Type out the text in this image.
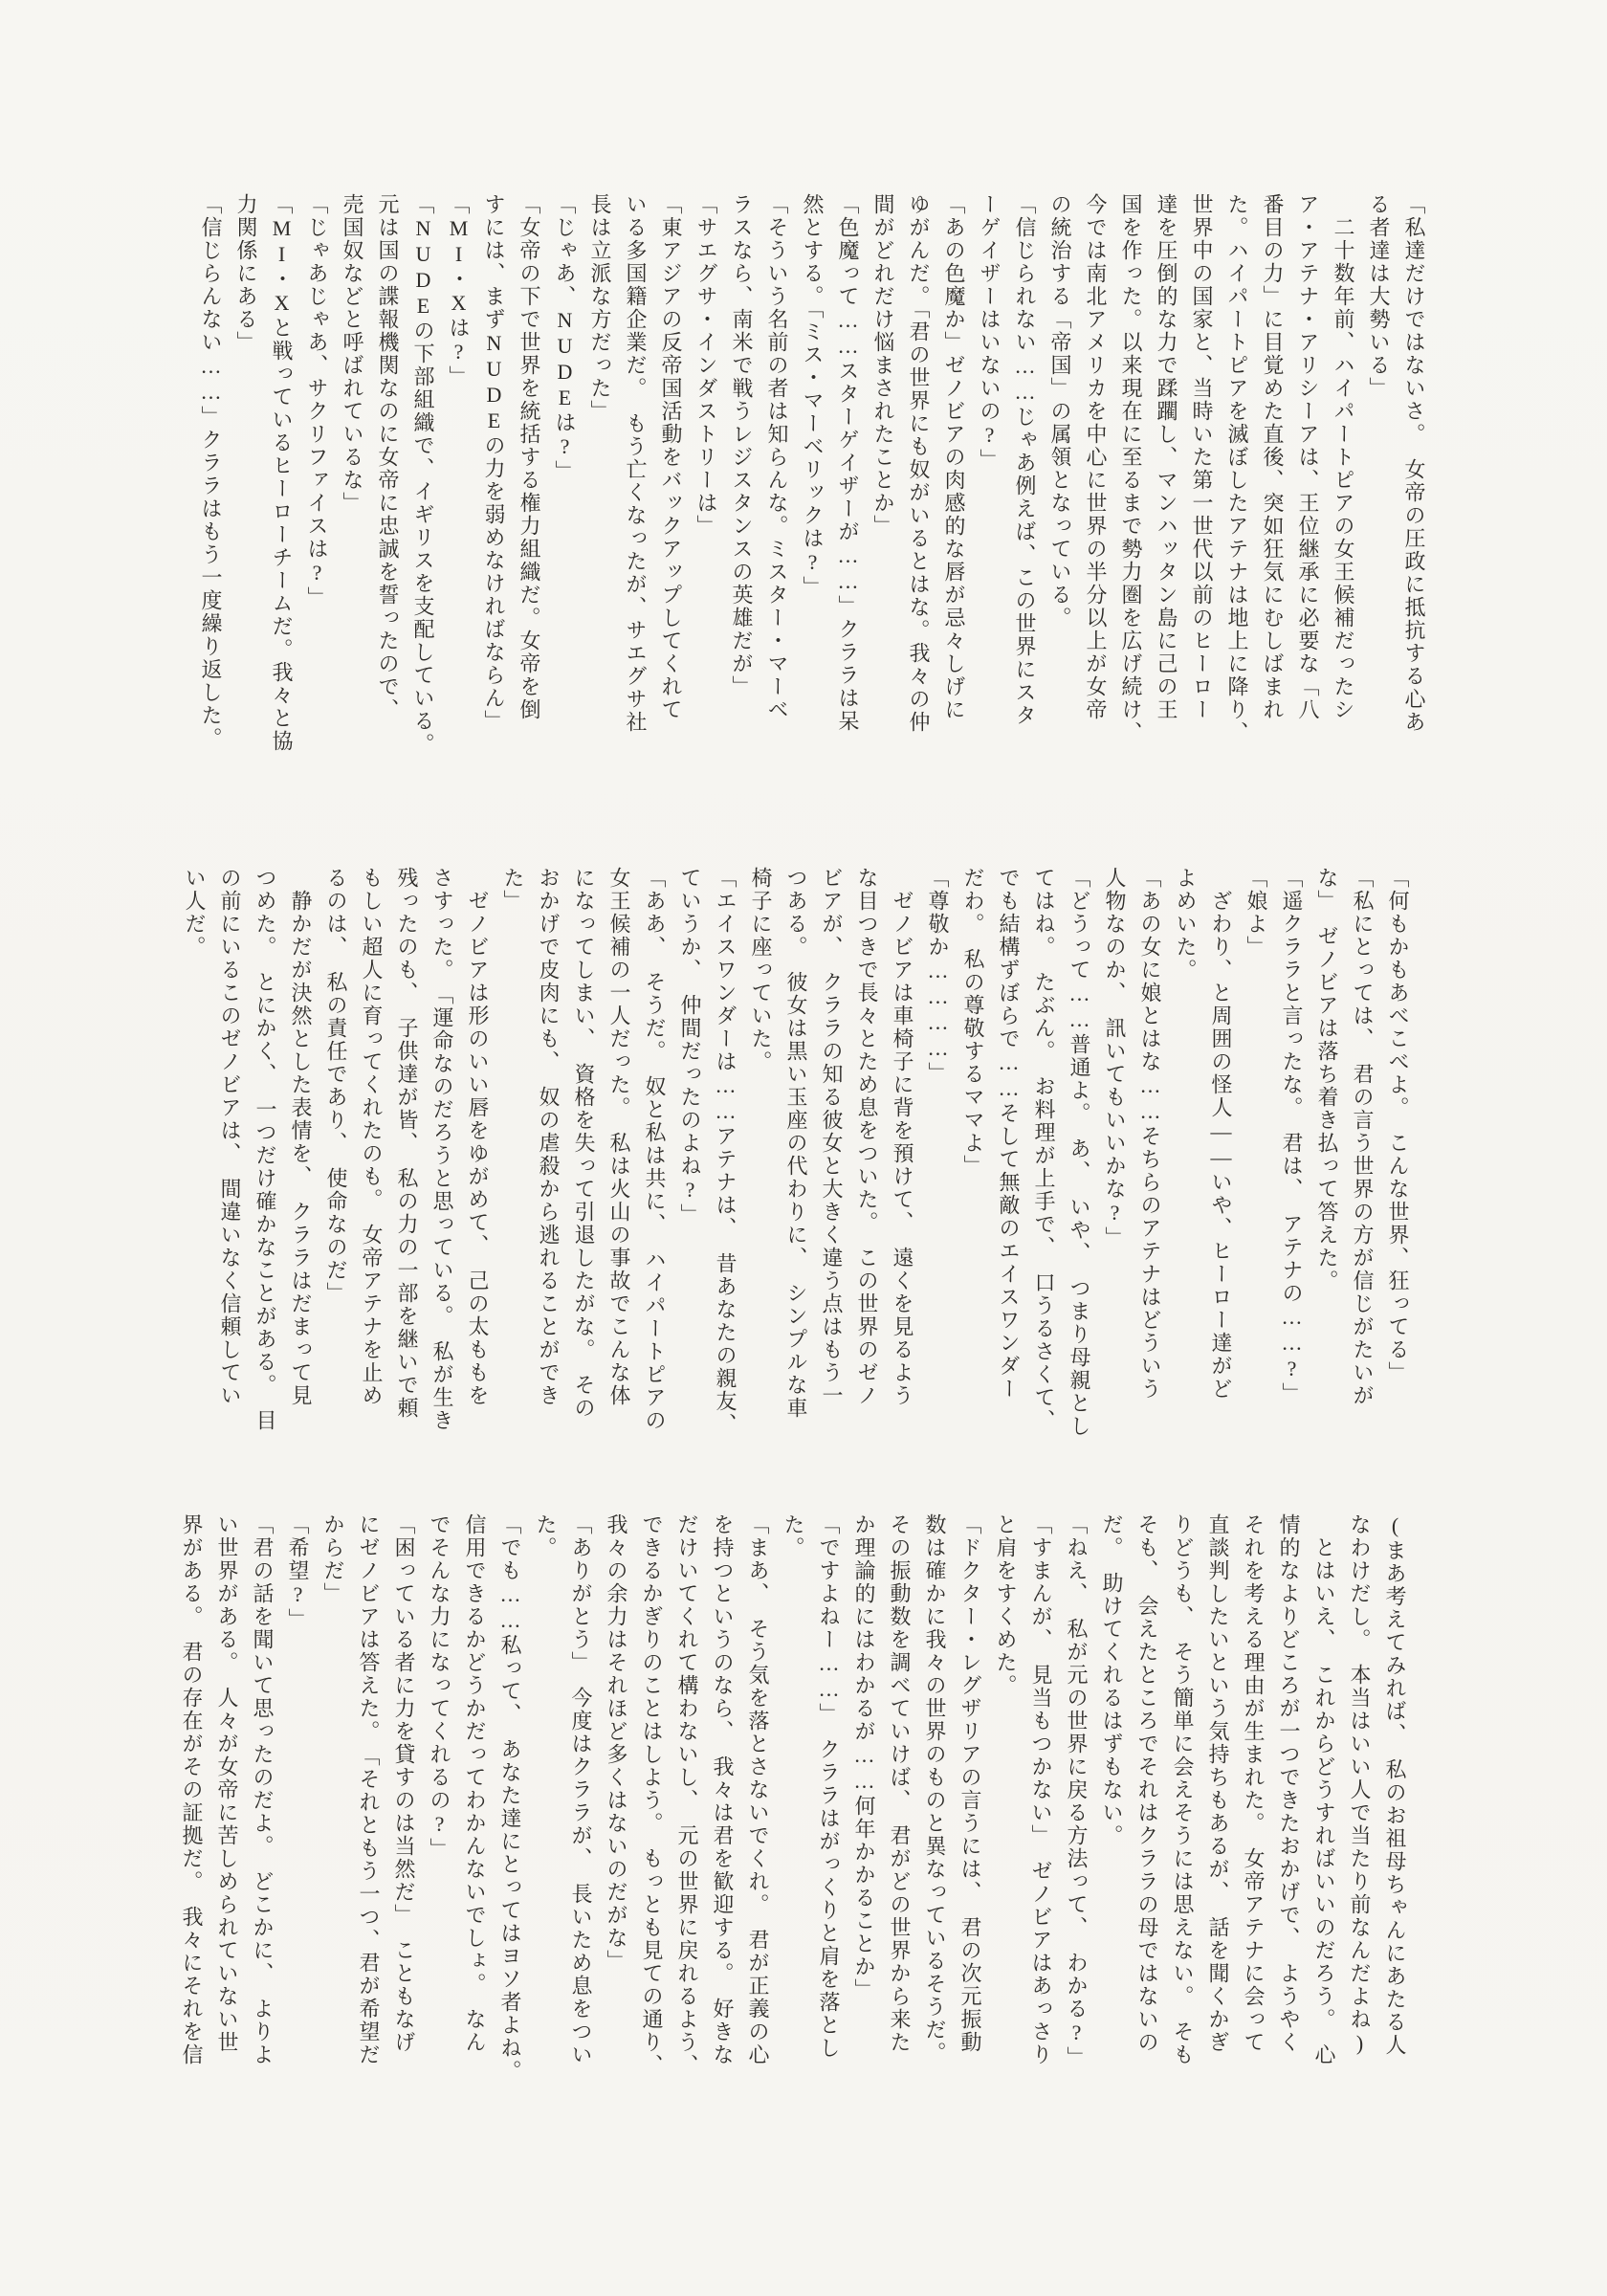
「私達だけではないさ。　女帝の圧政に抵抗する心あ
る者達は大勢いる」
　二十数年前、ハイパートピアの女王候補だったシ
ア・アテナ・アリシーアは、王位継承に必要な「八
番目の力」に目覚めた直後、突如狂気にむしばまれ
た。ハイパートピアを滅ぼしたアテナは地上に降り、
世界中の国家と、当時いた第一世代以前のヒーロー
達を圧倒的な力で蹂躙し、マンハッタン島に己の王
国を作った。以来現在に至るまで勢力圏を広げ続け、
今では南北アメリカを中心に世界の半分以上が女帝
の統治する「帝国」の属領となっている。
「信じられない……じゃあ例えば、この世界にスタ
ーゲイザーはいないの?」
「あの色魔か」ゼノビアの肉感的な唇が忌々しげに
ゆがんだ。「君の世界にも奴がいるとはな。我々の仲
間がどれだけ悩まされたことか」
「色魔って……スターゲイザーが……」クララは呆
然とする。「ミス・マーベリックは?」
「そういう名前の者は知らんな。ミスター・マーベ
ラスなら、南米で戦うレジスタンスの英雄だが」
「サエグサ・インダストリーは」
「東アジアの反帝国活動をバックアップしてくれて
いる多国籍企業だ。　もう亡くなったが、サエグサ社
長は立派な方だった」
「じゃあ、NUDEは?」
「女帝の下で世界を統括する権力組織だ。女帝を倒
すには、まずNUDEの力を弱めなければならん」
「MI・Xは?」
「NUDEの下部組織で、イギリスを支配している。
元は国の諜報機関なのに女帝に忠誠を誓ったので、
売国奴などと呼ばれているな」
「じゃあじゃあ、サクリファイスは?」
「MI・Xと戦っているヒーローチームだ。我々と協
力関係にある」
「信じらんない……」クララはもう一度繰り返した。
「何もかもあべこべよ。　こんな世界、狂ってる」
「私にとっては、　君の言う世界の方が信じがたいが
な」　ゼノビアは落ち着き払って答えた。
「遥クララと言ったな。　君は、　アテナの……?」
「娘よ」
　ざわり、と周囲の怪人——いや、ヒーロー達がど
よめいた。
「あの女に娘とはな……そちらのアテナはどういう
人物なのか、　訊いてもいいかな?」
「どうって……普通よ。　あ、　いや、　つまり母親とし
てはね。　たぶん。　お料理が上手で、　口うるさくて、
でも結構ずぼらで……そして無敵のエイスワンダー
だわ。　私の尊敬するママよ」
「尊敬か…………」
　ゼノビアは車椅子に背を預けて、　遠くを見るよう
な目つきで長々とため息をついた。　この世界のゼノ
ビアが、　クララの知る彼女と大きく違う点はもう一
つある。　彼女は黒い玉座の代わりに、　シンプルな車
椅子に座っていた。
「エイスワンダーは……アテナは、　昔あなたの親友、
ていうか、　仲間だったのよね?」
「ああ、　そうだ。　奴と私は共に、　ハイパートピアの
女王候補の一人だった。　私は火山の事故でこんな体
になってしまい、　資格を失って引退したがな。　その
おかげで皮肉にも、　奴の虐殺から逃れることができ
た」
　ゼノビアは形のいい唇をゆがめて、　己の太ももを
さすった。　「運命なのだろうと思っている。　私が生き
残ったのも、　子供達が皆、　私の力の一部を継いで頼
もしい超人に育ってくれたのも。　女帝アテナを止め
るのは、　私の責任であり、　使命なのだ」
　静かだが決然とした表情を、　クララはだまって見
つめた。　とにかく、　一つだけ確かなことがある。　目
の前にいるこのゼノビアは、　間違いなく信頼してい
い人だ。
(まあ考えてみれば、　私のお祖母ちゃんにあたる人
なわけだし。　本当はいい人で当たり前なんだよね)
　とはいえ、　これからどうすればいいのだろう。　心
情的なよりどころが一つできたおかげで、　ようやく
それを考える理由が生まれた。　女帝アテナに会って
直談判したいという気持ちもあるが、　話を聞くかぎ
りどうも、　そう簡単に会えそうには思えない。　そも
そも、　会えたところでそれはクララの母ではないの
だ。　助けてくれるはずもない。
「ねえ、　私が元の世界に戻る方法って、　わかる?」
「すまんが、　見当もつかない」　ゼノビアはあっさり
と肩をすくめた。
「ドクター・レグザリアの言うには、　君の次元振動
数は確かに我々の世界のものと異なっているそうだ。
その振動数を調べていけば、　君がどの世界から来た
か理論的にはわかるが……何年かかることか」
「ですよねー……」　クララはがっくりと肩を落とし
た。
「まあ、　そう気を落とさないでくれ。　君が正義の心
を持つというのなら、　我々は君を歓迎する。　好きな
だけいてくれて構わないし、　元の世界に戻れるよう、
できるかぎりのことはしよう。　もっとも見ての通り、
我々の余力はそれほど多くはないのだがな」
「ありがとう」　今度はクララが、　長いため息をつい
た。
「でも……私って、　あなた達にとってはヨソ者よね。
信用できるかどうかだってわかんないでしょ。　なん
でそんな力になってくれるの?」
「困っている者に力を貸すのは当然だ」　こともなげ
にゼノビアは答えた。　「それともう一つ、君が希望だ
からだ」
「希望?」
「君の話を聞いて思ったのだよ。　どこかに、　よりよ
い世界がある。　人々が女帝に苦しめられていない世
界がある。　君の存在がその証拠だ。　我々にそれを信
